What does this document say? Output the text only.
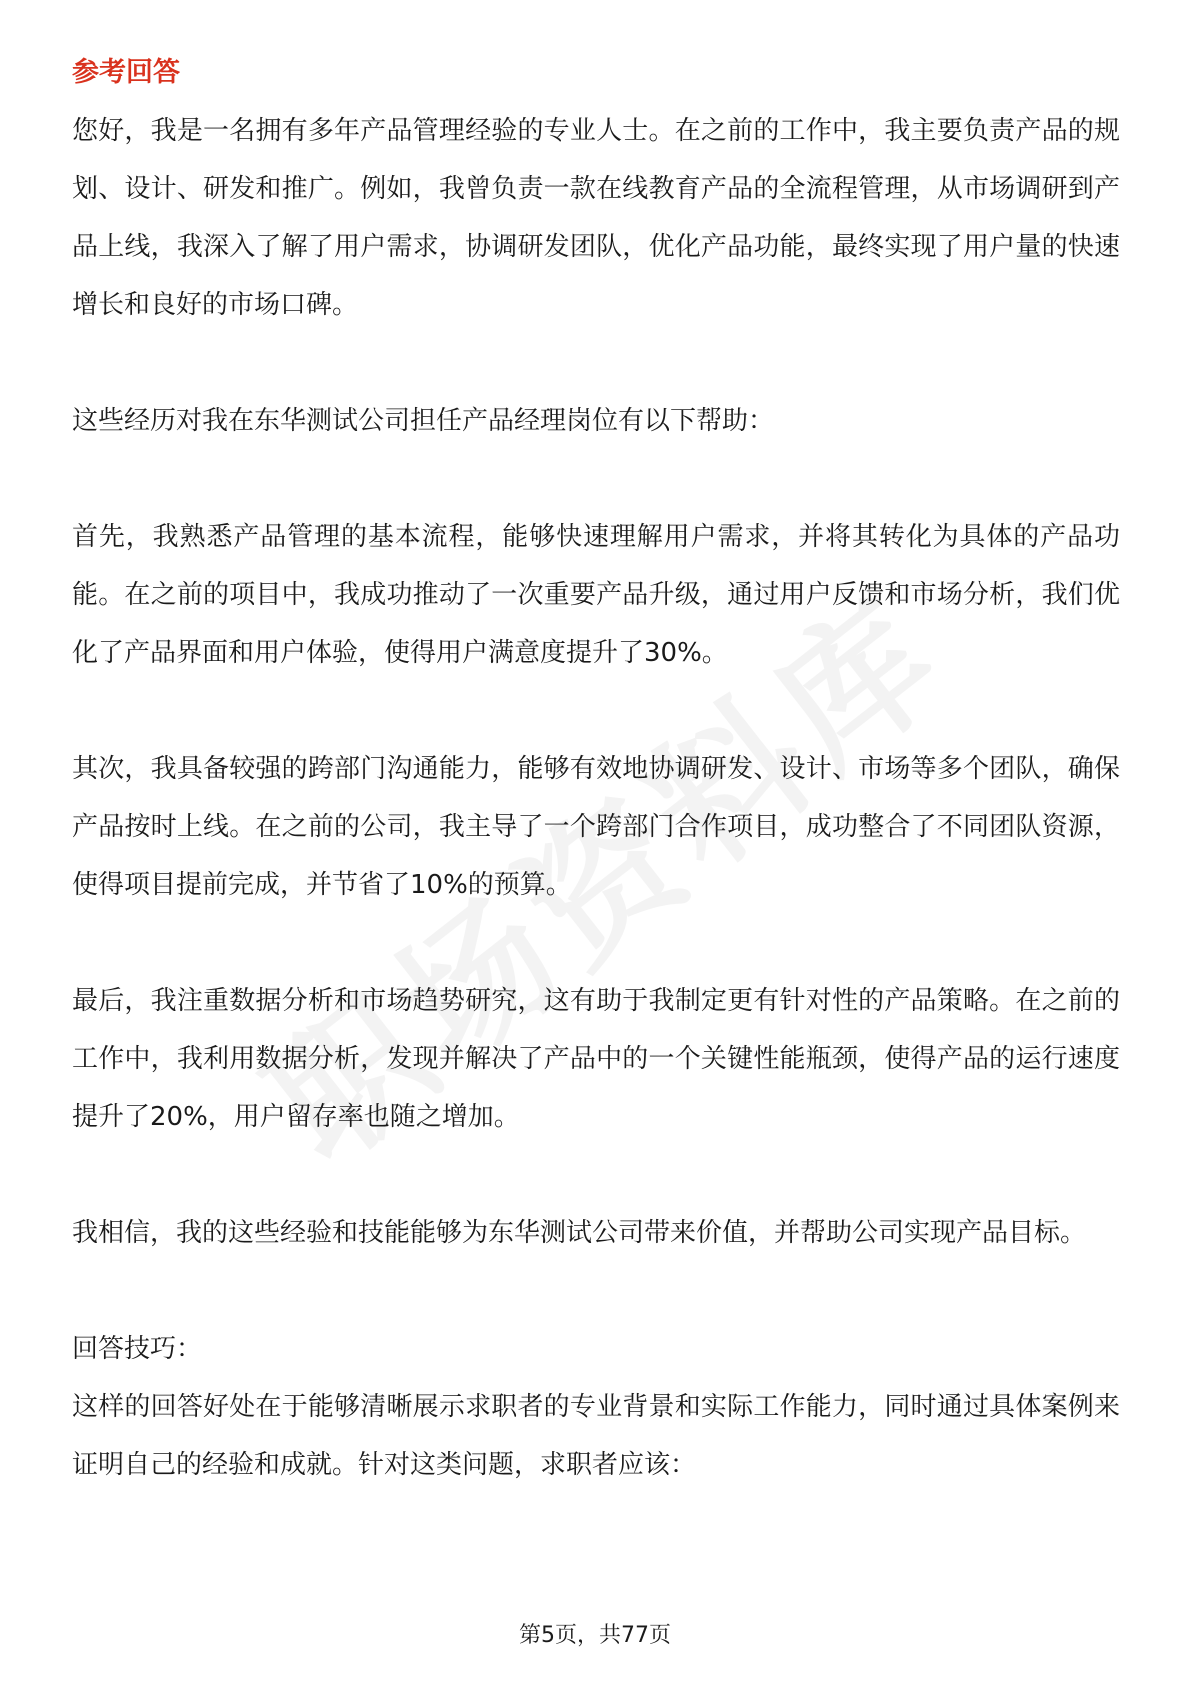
参考回答

您好，我是一名拥有多年产品管理经验的专业人士。在之前的工作中，我主要负责产品的规划、设计、研发和推广。例如，我曾负责一款在线教育产品的全流程管理，从市场调研到产品上线，我深入了解了用户需求，协调研发团队，优化产品功能，最终实现了用户量的快速增长和良好的市场口碑。

这些经历对我在东华测试公司担任产品经理岗位有以下帮助：

首先，我熟悉产品管理的基本流程，能够快速理解用户需求，并将其转化为具体的产品功能。在之前的项目中，我成功推动了一次重要产品升级，通过用户反馈和市场分析，我们优化了产品界面和用户体验，使得用户满意度提升了30%。

其次，我具备较强的跨部门沟通能力，能够有效地协调研发、设计、市场等多个团队，确保产品按时上线。在之前的公司，我主导了一个跨部门合作项目，成功整合了不同团队资源，使得项目提前完成，并节省了10%的预算。

最后，我注重数据分析和市场趋势研究，这有助于我制定更有针对性的产品策略。在之前的工作中，我利用数据分析，发现并解决了产品中的一个关键性能瓶颈，使得产品的运行速度提升了20%，用户留存率也随之增加。

我相信，我的这些经验和技能能够为东华测试公司带来价值，并帮助公司实现产品目标。

回答技巧：

这样的回答好处在于能够清晰展示求职者的专业背景和实际工作能力，同时通过具体案例来证明自己的经验和成就。针对这类问题，求职者应该：

第5页，共77页
